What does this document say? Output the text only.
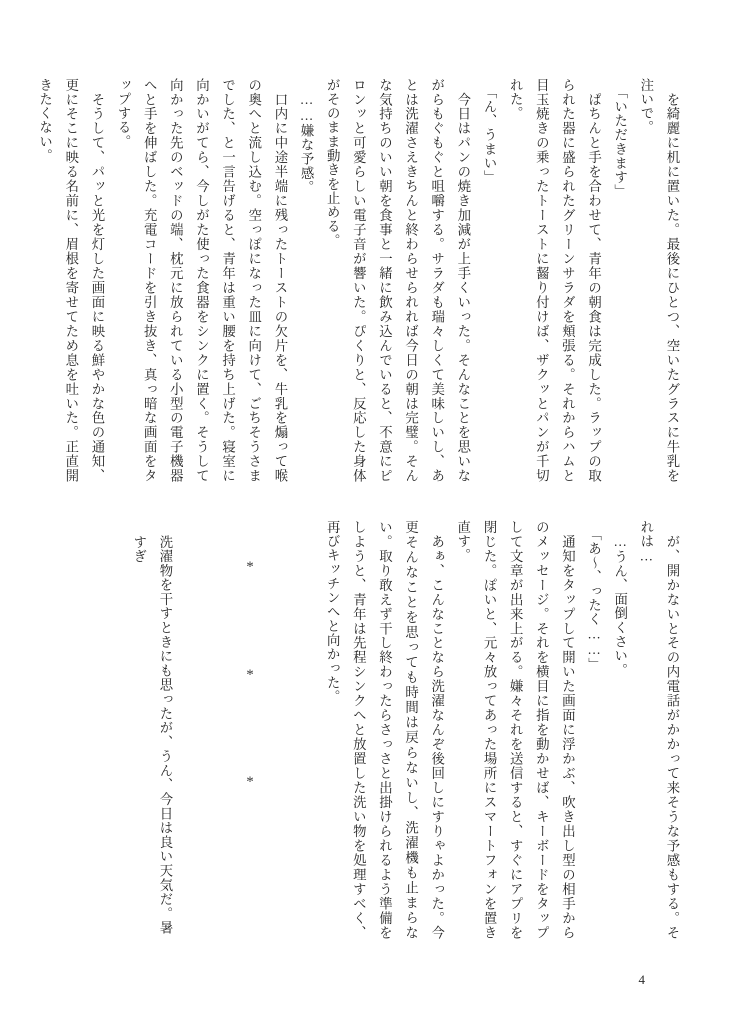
　を綺麗に机に置いた。最後にひとつ、空いたグラスに牛乳を注いで。

　「いただきます」

　ぱちんと手を合わせて、青年の朝食は完成した。ラップの取られた器に盛られたグリーンサラダを頬張る。それからハムと目玉焼きの乗ったトーストに齧り付けば、ザクッとパンが千切れた。

　「ん、うまい」

　今日はパンの焼き加減が上手くいった。そんなことを思いながらもぐもぐと咀嚼する。サラダも瑞々しくて美味しいし、あとは洗濯さえきちんと終わらせられれば今日の朝は完璧。そんな気持ちのいい朝を食事と一緒に飲み込んでいると、不意にピロンッと可愛らしい電子音が響いた。ぴくりと、反応した身体がそのまま動きを止める。

　……嫌な予感。

　口内に中途半端に残ったトーストの欠片を、牛乳を煽って喉の奥へと流し込む。空っぽになった皿に向けて、ごちそうさまでした、と一言告げると、青年は重い腰を持ち上げた。寝室に向かいがてら、今しがた使った食器をシンクに置く。そうして向かった先のベッドの端、枕元に放られている小型の電子機器へと手を伸ばした。充電コードを引き抜き、真っ暗な画面をタップする。

　そうして、パッと光を灯した画面に映る鮮やかな色の通知、更にそこに映る名前に、眉根を寄せてため息を吐いた。正直開きたくない。

　が、開かないとその内電話がかかって来そうな予感もする。それは…

　…うん、面倒くさい。

　「あ〜、ったく……」

　通知をタップして開いた画面に浮かぶ、吹き出し型の相手からのメッセージ。それを横目に指を動かせば、キーボードをタップして文章が出来上がる。嫌々それを送信すると、すぐにアプリを閉じた。ぽいと、元々放ってあった場所にスマートフォンを置き直す。

　あぁ、こんなことなら洗濯なんぞ後回しにすりゃよかった。今更そんなことを思っても時間は戻らないし、洗濯機も止まらない。取り敢えず干し終わったらさっさと出掛けられるよう準備をしようと、青年は先程シンクへと放置した洗い物を処理すべく、再びキッチンへと向かった。

洗濯物を干すときにも思ったが、うん、今日は良い天気だ。暑すぎ
*
*
*
4
